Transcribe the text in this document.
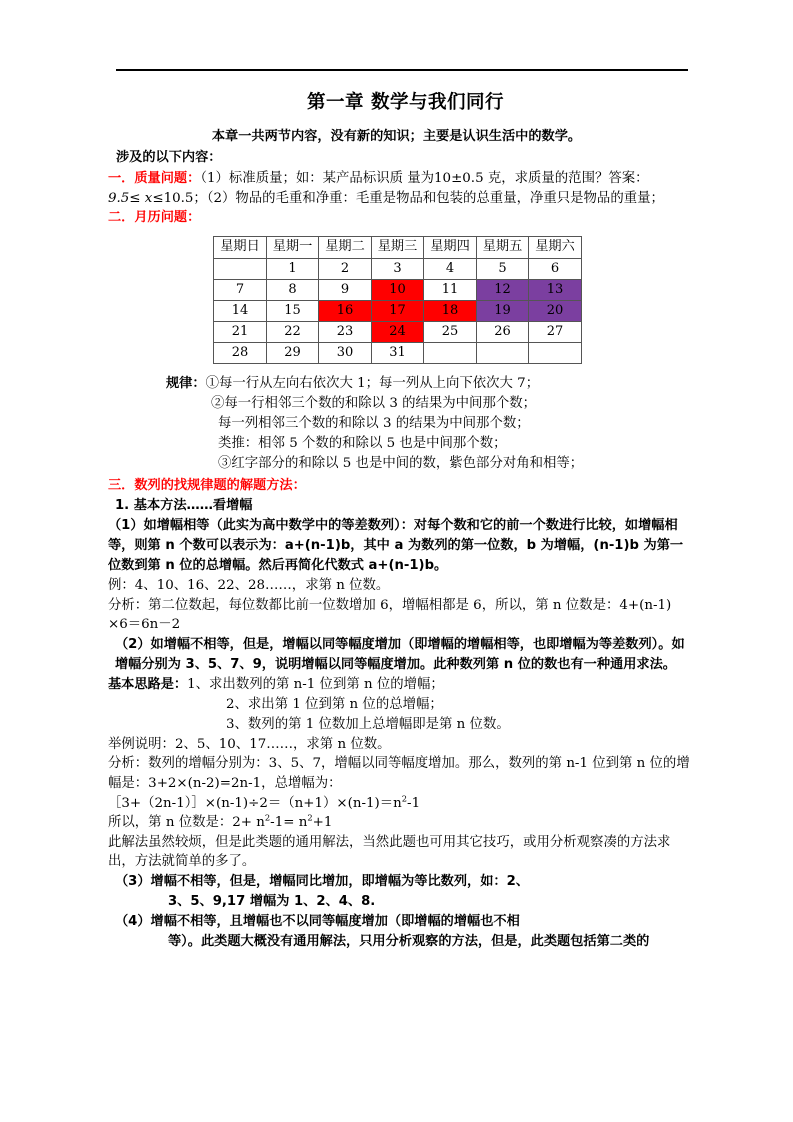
第一章 数学与我们同行

本章一共两节内容，没有新的知识；主要是认识生活中的数学。

涉及的以下内容：

一．质量问题：（1）标准质量；如：某产品标识质 量为10±0.5 克，求质量的范围？答案：

9.5≤ x≤10.5；（2）物品的毛重和净重：毛重是物品和包装的总重量，净重只是物品的重量；

二．月历问题：

星期日	星期一	星期二	星期三	星期四	星期五	星期六
	1	2	3	4	5	6
7	8	9	10	11	12	13
14	15	16	17	18	19	20
21	22	23	24	25	26	27
28	29	30	31			

规律：①每一行从左向右依次大 1；每一列从上向下依次大 7；

②每一行相邻三个数的和除以 3 的结果为中间那个数；

每一列相邻三个数的和除以 3 的结果为中间那个数；

类推：相邻 5 个数的和除以 5 也是中间那个数；

③红字部分的和除以 5 也是中间的数，紫色部分对角和相等；

三．数列的找规律题的解题方法：

1. 基本方法……看增幅

（1）如增幅相等（此实为高中数学中的等差数列）：对每个数和它的前一个数进行比较，如增幅相等，则第 n 个数可以表示为：a+(n-1)b，其中 a 为数列的第一位数，b 为增幅，(n-1)b 为第一位数到第 n 位的总增幅。然后再简化代数式 a+(n-1)b。

例：4、10、16、22、28……，求第 n 位数。

分析：第二位数起，每位数都比前一位数增加 6，增幅相都是 6，所以，第 n 位数是：4+(n-1)

×6＝6n－2

（2）如增幅不相等，但是，增幅以同等幅度增加（即增幅的增幅相等，也即增幅为等差数列）。如增幅分别为 3、5、7、9，说明增幅以同等幅度增加。此种数列第 n 位的数也有一种通用求法。

基本思路是：1、求出数列的第 n-1 位到第 n 位的增幅；

2、求出第 1 位到第 n 位的总增幅；

3、数列的第 1 位数加上总增幅即是第 n 位数。

举例说明：2、5、10、17……，求第 n 位数。

分析：数列的增幅分别为：3、5、7，增幅以同等幅度增加。那么，数列的第 n-1 位到第 n 位的增幅是：3+2×(n-2)=2n-1，总增幅为：

$[3+(2n-1)]\times(n-1)\div 2=(n+1)\times(n-1)=n^2-1$

所以，第 n 位数是：$2+ n^2-1= n^2+1$

此解法虽然较烦，但是此类题的通用解法，当然此题也可用其它技巧，或用分析观察凑的方法求出，方法就简单的多了。

（3）增幅不相等，但是，增幅同比增加，即增幅为等比数列，如：2、

3、5、9,17 增幅为 1、2、4、8.

（4）增幅不相等，且增幅也不以同等幅度增加（即增幅的增幅也不相

等）。此类题大概没有通用解法，只用分析观察的方法，但是，此类题包括第二类的
